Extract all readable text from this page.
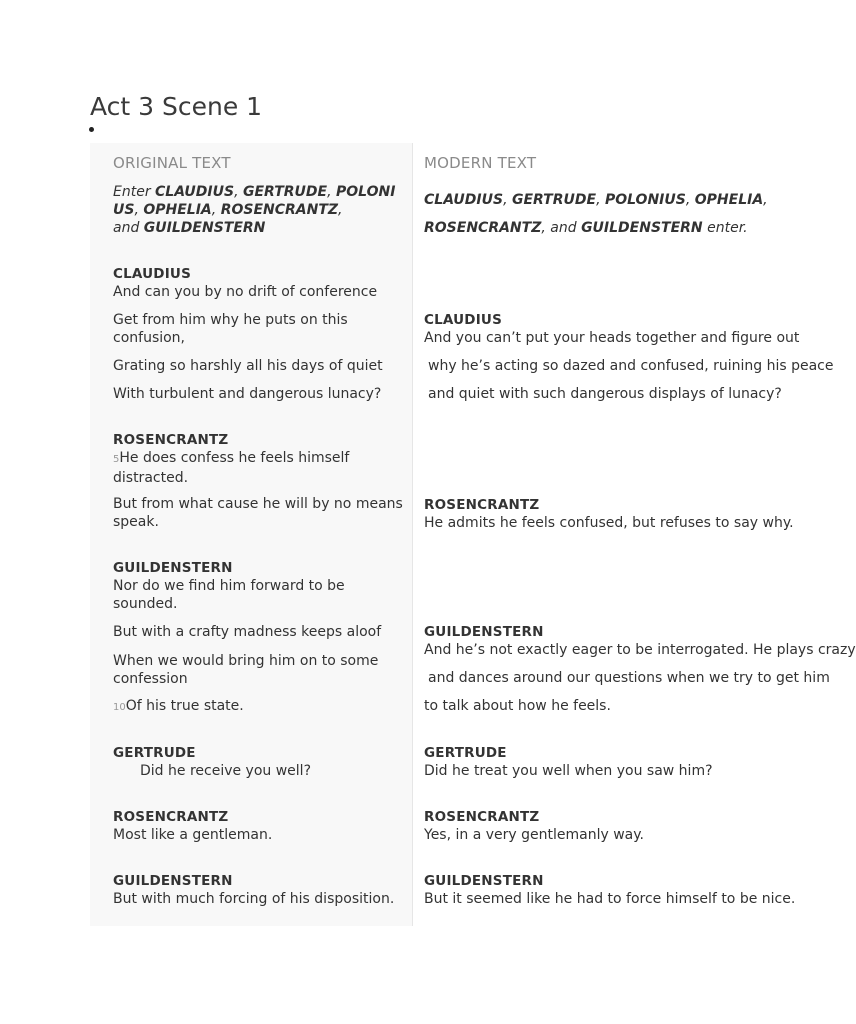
Act 3 Scene 1
ORIGINAL TEXT	MODERN TEXT
Enter CLAUDIUS, GERTRUDE, POLONI
US, OPHELIA, ROSENCRANTZ,
and GUILDENSTERN
CLAUDIUS, GERTRUDE, POLONIUS, OPHELIA,
ROSENCRANTZ, and GUILDENSTERN enter.
CLAUDIUS
And can you by no drift of conference
Get from him why he puts on this confusion,
Grating so harshly all his days of quiet
With turbulent and dangerous lunacy?
ROSENCRANTZ
5He does confess he feels himself distracted.
But from what cause he will by no means speak.
GUILDENSTERN
Nor do we find him forward to be sounded.
But with a crafty madness keeps aloof
When we would bring him on to some confession
10Of his true state.
GERTRUDE
Did he receive you well?
ROSENCRANTZ
Most like a gentleman.
GUILDENSTERN
But with much forcing of his disposition.
CLAUDIUS
And you can’t put your heads together and figure out
why he’s acting so dazed and confused, ruining his peace
and quiet with such dangerous displays of lunacy?
ROSENCRANTZ
He admits he feels confused, but refuses to say why.
GUILDENSTERN
And he’s not exactly eager to be interrogated. He plays crazy
and dances around our questions when we try to get him
to talk about how he feels.
GERTRUDE
Did he treat you well when you saw him?
ROSENCRANTZ
Yes, in a very gentlemanly way.
GUILDENSTERN
But it seemed like he had to force himself to be nice.
